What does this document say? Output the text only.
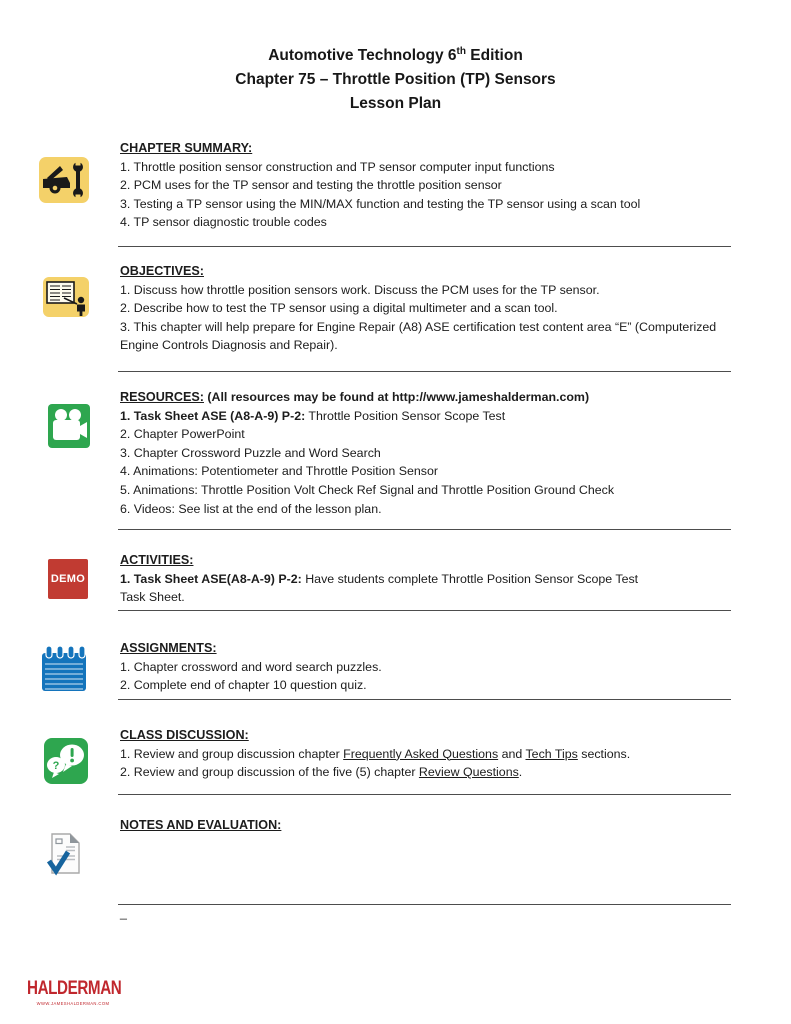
Automotive Technology 6th Edition
Chapter 75 – Throttle Position (TP) Sensors
Lesson Plan
DEMO
?
CHAPTER SUMMARY:
1. Throttle position sensor construction and TP sensor computer input functions
2. PCM uses for the TP sensor and testing the throttle position sensor
3. Testing a TP sensor using the MIN/MAX function and testing the TP sensor using a scan tool
4. TP sensor diagnostic trouble codes
OBJECTIVES:
1. Discuss how throttle position sensors work. Discuss the PCM uses for the TP sensor.
2. Describe how to test the TP sensor using a digital multimeter and a scan tool.
3. This chapter will help prepare for Engine Repair (A8) ASE certification test content area “E” (Computerized
Engine Controls Diagnosis and Repair).
RESOURCES: (All resources may be found at http://www.jameshalderman.com)
1. Task Sheet ASE (A8-A-9) P-2: Throttle Position Sensor Scope Test
2. Chapter PowerPoint
3. Chapter Crossword Puzzle and Word Search
4. Animations: Potentiometer and Throttle Position Sensor
5. Animations: Throttle Position Volt Check Ref Signal and Throttle Position Ground Check
6. Videos: See list at the end of the lesson plan.
ACTIVITIES:
1. Task Sheet ASE(A8-A-9) P-2: Have students complete Throttle Position Sensor Scope Test
Task Sheet.
ASSIGNMENTS:
1. Chapter crossword and word search puzzles.
2. Complete end of chapter 10 question quiz.
CLASS DISCUSSION:
1. Review and group discussion chapter Frequently Asked Questions and Tech Tips sections.
2. Review and group discussion of the five (5) chapter Review Questions.
NOTES AND EVALUATION:
_
HALDERMAN
WWW.JAMESHALDERMAN.COM
